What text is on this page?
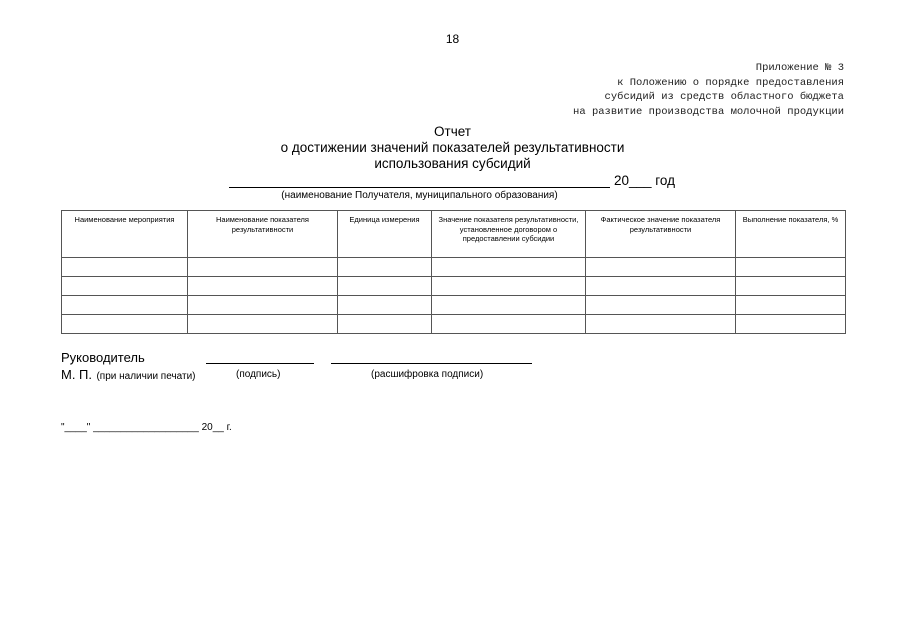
18
Приложение № 3
к Положению о порядке предоставления
субсидий из средств областного бюджета
на развитие производства молочной продукции
Отчет
о достижении значений показателей результативности
использования субсидий
20___ год
(наименование Получателя, муниципального образования)
Наименование мероприятия	Наименование показателя результативности	Единица измерения	Значение показателя результативности, установленное договором о предоставлении субсидии	Фактическое значение показателя результативности	Выполнение показателя, %

Руководитель
М. П. (при наличии печати)	(подпись)	(расшифровка подписи)
"____" ___________________ 20__ г.
